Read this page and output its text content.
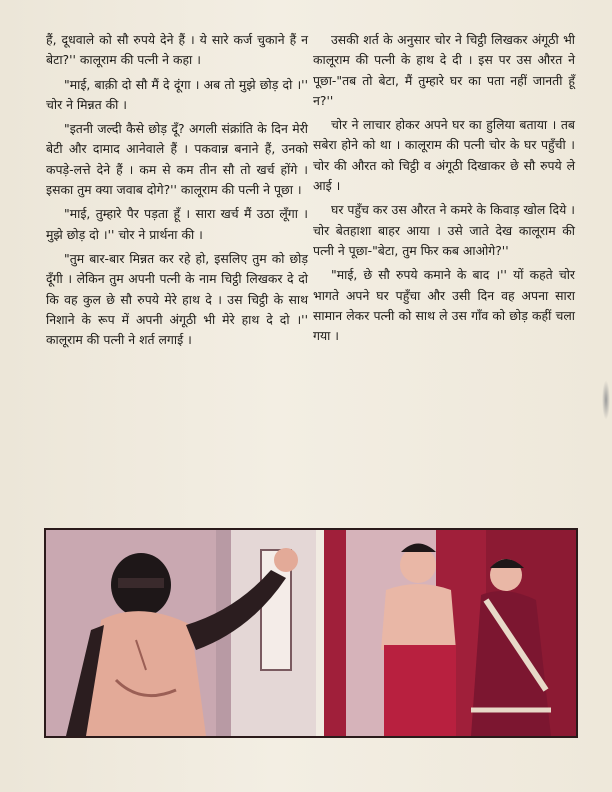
हैं, दूधवाले को सौ रुपये देने हैं । ये सारे कर्ज चुकाने हैं न बेटा?'' कालूराम की पत्नी ने कहा ।

"माई, बाक़ी दो सौ मैं दे दूंगा । अब तो मुझे छोड़ दो ।'' चोर ने मिन्नत की ।

"इतनी जल्दी कैसे छोड़ दूँ? अगली संक्रांति के दिन मेरी बेटी और दामाद आनेवाले हैं । पकवान्न बनाने हैं, उनको कपड़े-लत्ते देने हैं । कम से कम तीन सौ तो खर्च होंगे । इसका तुम क्या जवाब दोगे?'' कालूराम की पत्नी ने पूछा ।

"माई, तुम्हारे पैर पड़ता हूँ । सारा खर्च मैं उठा लूँगा । मुझे छोड़ दो ।'' चोर ने प्रार्थना की ।

"तुम बार-बार मिन्नत कर रहे हो, इसलिए तुम को छोड़ दूँगी । लेकिन तुम अपनी पत्नी के नाम चिट्ठी लिखकर दे दो कि वह कुल छे सौ रुपये मेरे हाथ दे । उस चिट्ठी के साथ निशाने के रूप में अपनी अंगूठी भी मेरे हाथ दे दो ।'' कालूराम की पत्नी ने शर्त लगाई ।

उसकी शर्त के अनुसार चोर ने चिट्ठी लिखकर अंगूठी भी कालूराम की पत्नी के हाथ दे दी । इस पर उस औरत ने पूछा-"तब तो बेटा, मैं तुम्हारे घर का पता नहीं जानती हूँ न?''

चोर ने लाचार होकर अपने घर का हुलिया बताया । तब सबेरा होने को था । कालूराम की पत्नी चोर के घर पहुँची । चोर की औरत को चिट्ठी व अंगूठी दिखाकर छे सौ रुपये ले आई ।

घर पहुँच कर उस औरत ने कमरे के किवाड़ खोल दिये । चोर बेतहाशा बाहर आया । उसे जाते देख कालूराम की पत्नी ने पूछा-"बेटा, तुम फिर कब आओगे?''

"माई, छे सौ रुपये कमाने के बाद ।'' यों कहते चोर भागते अपने घर पहुँचा और उसी दिन वह अपना सारा सामान लेकर पत्नी को साथ ले उस गाँव को छोड़ कहीं चला गया ।
